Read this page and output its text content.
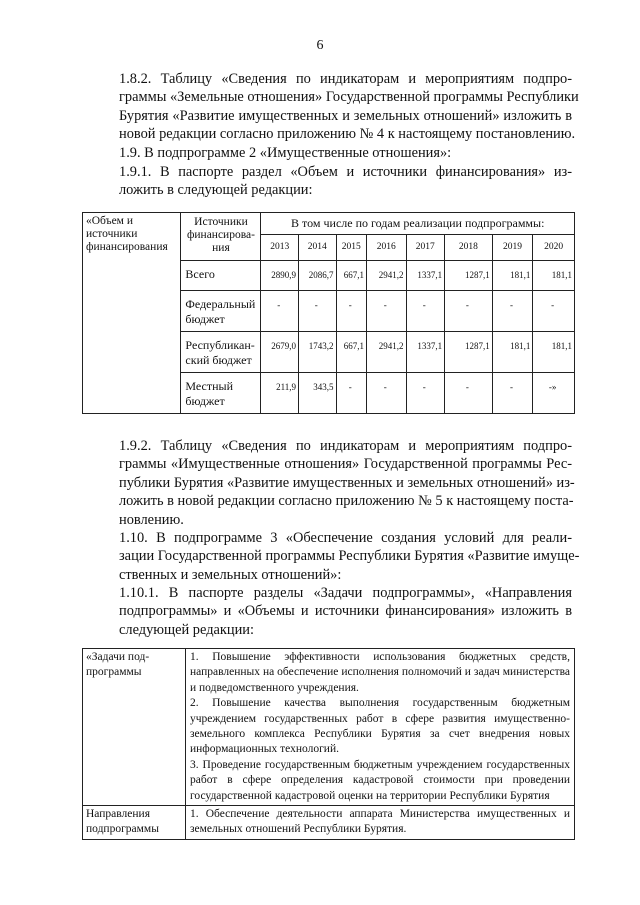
6

1.8.2. Таблицу «Сведения по индикаторам и мероприятиям подпро-
граммы «Земельные отношения» Государственной программы Республики
Бурятия «Развитие имущественных и земельных отношений» изложить в
новой редакции согласно приложению № 4 к настоящему постановлению.

1.9. В подпрограмме 2 «Имущественные отношения»:

1.9.1. В паспорте раздел «Объем и источники финансирования» из-
ложить в следующей редакции:

«Объем и источники финансирования	Источники финансирова-ния	В том числе по годам реализации подпрограммы:							
		2013	2014	2015	2016	2017	2018	2019	2020
	Всего	2890,9	2086,7	667,1	2941,2	1337,1	1287,1	181,1	181,1
	Федеральный бюджет	-	-	-	-	-	-	-	-
	Республикан-ский бюджет	2679,0	1743,2	667,1	2941,2	1337,1	1287,1	181,1	181,1
	Местный бюджет	211,9	343,5	-	-	-	-	-	-»

1.9.2. Таблицу «Сведения по индикаторам и мероприятиям подпро-
граммы «Имущественные отношения» Государственной программы Рес-
публики Бурятия «Развитие имущественных и земельных отношений» из-
ложить в новой редакции согласно приложению № 5 к настоящему поста-
новлению.

1.10. В подпрограмме 3 «Обеспечение создания условий для реали-
зации Государственной программы Республики Бурятия «Развитие имуще-
ственных и земельных отношений»:

1.10.1. В паспорте разделы «Задачи подпрограммы», «Направления
подпрограммы» и «Объемы и источники финансирования» изложить в
следующей редакции:

«Задачи под-программы	1. Повышение эффективности использования бюджетных средств, направленных на обеспечение исполнения полномочий и задач министерства и подведомственного учреждения.
2. Повышение качества выполнения государственным бюджетным учреждением государственных работ в сфере развития имущественно-земельного комплекса Республики Бурятия за счет внедрения новых информационных технологий.
3. Проведение государственным бюджетным учреждением государственных работ в сфере определения кадастровой стоимости при проведении государственной кадастровой оценки на территории Республики Бурятия

Направления подпрограммы	1. Обеспечение деятельности аппарата Министерства имущественных и земельных отношений Республики Бурятия.
